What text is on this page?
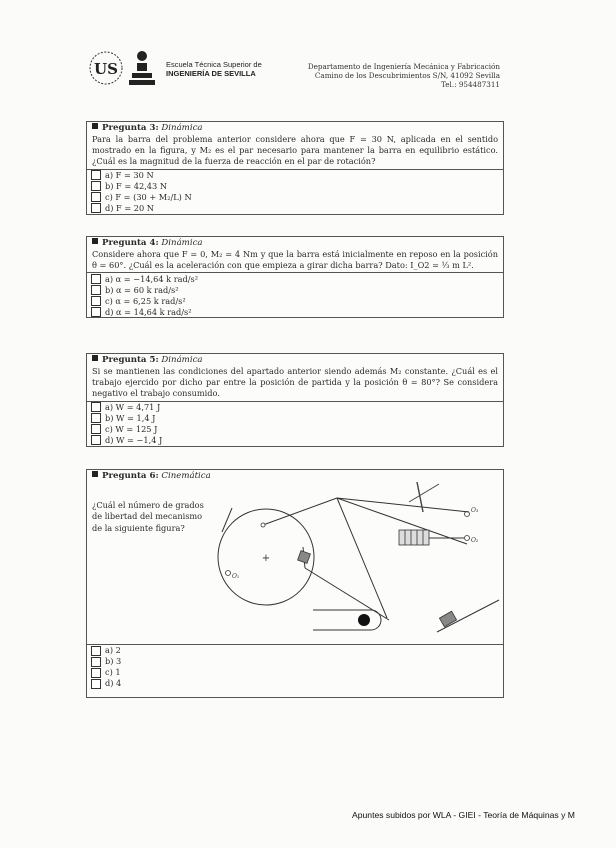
US	Escuela Técnica Superior de
INGENIERÍA DE SEVILLA
Departamento de Ingeniería Mecánica y Fabricación
Camino de los Descubrimientos S/N, 41092 Sevilla
Tel.: 954487311
Pregunta 3: Dinámica
Para la barra del problema anterior considere ahora que F = 30 N, aplicada en el sentido mostrado en la figura, y M₂ es el par necesario para mantener la barra en equilibrio estático. ¿Cuál es la magnitud de la fuerza de reacción en el par de rotación?
a) F = 30 N
b) F = 42,43 N
c) F = (30 + M₂/L) N
d) F = 20 N
Pregunta 4: Dinámica
Considere ahora que F = 0, M₂ = 4 Nm y que la barra está inicialmente en reposo en la posición θ = 60°. ¿Cuál es la aceleración con que empieza a girar dicha barra? Dato: I_O2 = ⅓ m L².
a) α = −14,64 k rad/s²
b) α = 60 k rad/s²
c) α = 6,25 k rad/s²
d) α = 14,64 k rad/s²
Pregunta 5: Dinámica
Si se mantienen las condiciones del apartado anterior siendo además M₂ constante. ¿Cuál es el trabajo ejercido por dicho par entre la posición de partida y la posición θ = 80°? Se considera negativo el trabajo consumido.
a) W = 4,71 J
b) W = 1,4 J
c) W = 125 J
d) W = −1,4 J
Pregunta 6: Cinemática
¿Cuál el número de grados de libertad del mecanismo de la siguiente figura?
+
O₁
O₃
O₂
a) 2
b) 3
c) 1
d) 4
Apuntes subidos por WLA - GIEI - Teoría de Máquinas y M
